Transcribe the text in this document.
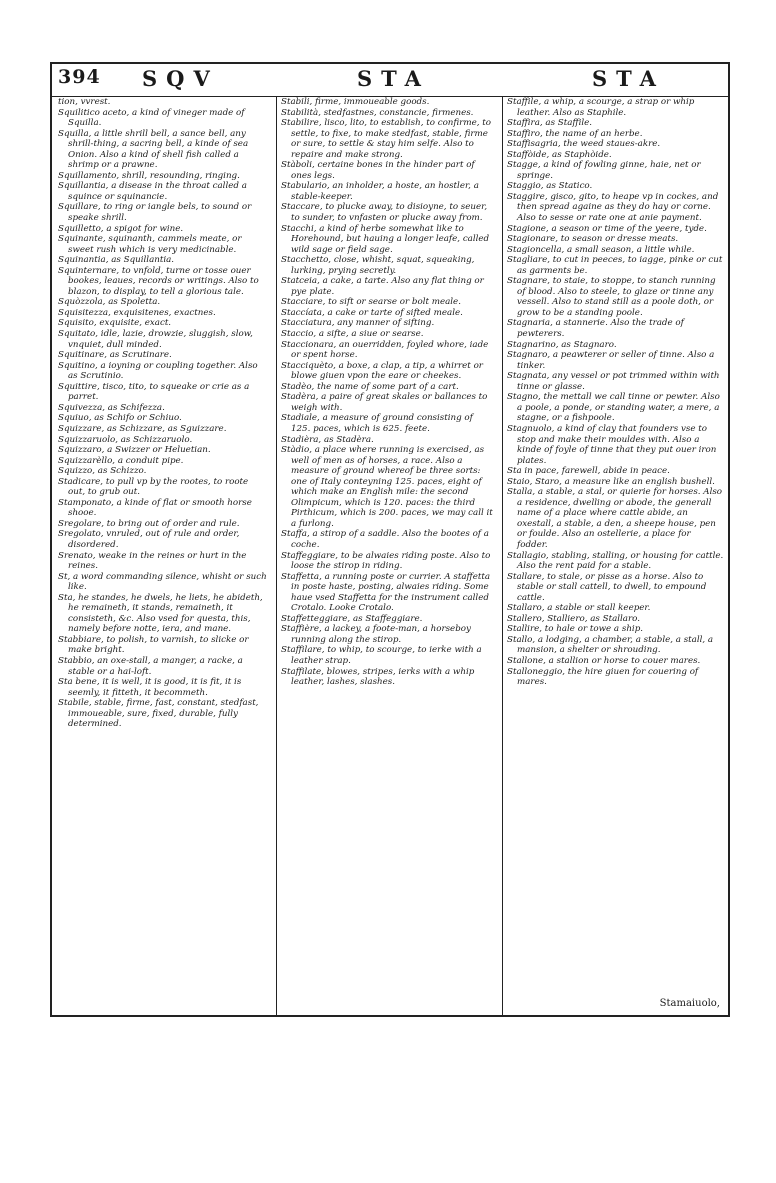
394 SQV	STA	STA

tion, vvrest.

Squilitico aceto, a kind of vineger made of Squilla.

Squilla, a little shrill bell, a sance bell, any shrill-thing, a sacring bell, a kinde of sea Onion. Also a kind of shell fish called a shrimp or a prawne.

Squillamento, shrill, resounding, ringing.

Squillantia, a disease in the throat called a squince or squinancie.

Squillare, to ring or iangle bels, to sound or speake shrill.

Squilletto, a spigot for wine.

Squinante, squinanth, cammels meate, or sweet rush which is very medicinable.

Squinantia, as Squillantia.

Squinternare, to vnfold, turne or tosse ouer bookes, leaues, records or writings. Also to blazon, to display, to tell a glorious tale.

Squòzzola, as Spoletta.

Squisitezza, exquisitenes, exactnes.

Squisito, exquisite, exact.

Squitato, idle, lazie, drowzie, sluggish, slow, vnquiet, dull minded.

Squitinare, as Scrutinare.

Squitino, a ioyning or coupling together. Also as Scrutinio.

Squittire, tisco, tito, to squeake or crie as a parret.

Squivezza, as Schifezza.

Squiuo, as Schifo or Schiuo.

Squizzare, as Schizzare, as Sguizzare.

Squizzaruolo, as Schizzaruolo.

Squizzaro, a Swizzer or Heluetian.

Squizzarèllo, a conduit pipe.

Squizzo, as Schizzo.

Stadicare, to pull vp by the rootes, to roote out, to grub out.

Stamponato, a kinde of flat or smooth horse shooe.

Sregolare, to bring out of order and rule.

Sregolato, vnruled, out of rule and order, disordered.

Srenato, weake in the reines or hurt in the reines.

St, a word commanding silence, whisht or such like.

Sta, he standes, he dwels, he liets, he abideth, he remaineth, it stands, remaineth, it consisteth, &c. Also vsed for questa, this, namely before notte, iera, and mane.

Stabbiare, to polish, to varnish, to slicke or make bright.

Stabbio, an oxe-stall, a manger, a racke, a stable or a hai-loft.

Sta bene, it is well, it is good, it is fit, it is seemly, it fitteth, it becommeth.

Stabile, stable, firme, fast, constant, stedfast, immoueable, sure, fixed, durable, fully determined.

Stabili, firme, immoueable goods.

Stabilità, stedfastnes, constancie, firmenes.

Stabilire, lisco, lito, to establish, to confirme, to settle, to fixe, to make stedfast, stable, firme or sure, to settle & stay him selfe. Also to repaire and make strong.

Stàboli, certaine bones in the hinder part of ones legs.

Stabulario, an inholder, a hoste, an hostler, a stable-keeper.

Staccare, to plucke away, to disioyne, to seuer, to sunder, to vnfasten or plucke away from.

Stacchi, a kind of herbe somewhat like to Horehound, but hauing a longer leafe, called wild sage or field sage.

Stacchetto, close, whisht, squat, squeaking, lurking, prying secretly.

Statceia, a cake, a tarte. Also any flat thing or pye plate.

Stacciare, to sift or searse or bolt meale.

Staccíata, a cake or tarte of sifted meale.

Stacciatura, any manner of sifting.

Staccio, a sifte, a siue or searse.

Staccionara, an ouerridden, foyled whore, iade or spent horse.

Stacciquèto, a boxe, a clap, a tip, a whirret or blowe giuen vpon the eare or cheekes.

Stadèo, the name of some part of a cart.

Stadèra, a paire of great skales or ballances to weigh with.

Stadiale, a measure of ground consisting of 125. paces, which is 625. feete.

Stadièra, as Stadèra.

Stàdio, a place where running is exercised, as well of men as of horses, a race. Also a measure of ground whereof be three sorts: one of Italy conteyning 125. paces, eight of which make an English mile: the second Olimpicum, which is 120. paces: the third Pirthicum, which is 200. paces, we may call it a furlong.

Staffa, a stirop of a saddle. Also the bootes of a coche.

Staffeggiare, to be alwaies riding poste. Also to loose the stirop in riding.

Staffetta, a running poste or currier. A staffetta in poste haste, posting, alwaies riding. Some haue vsed Staffetta for the instrument called Crotalo. Looke Crotalo.

Staffetteggiare, as Staffeggiare.

Staffière, a lackey, a foote-man, a horseboy running along the stirop.

Staffilare, to whip, to scourge, to ierke with a leather strap.

Staffilate, blowes, stripes, ierks with a whip leather, lashes, slashes.

Staffile, a whip, a scourge, a strap or whip leather. Also as Staphile.

Staffira, as Staffile.

Staffiro, the name of an herbe.

Staffisagria, the weed staues-akre.

Staffòide, as Staphòide.

Stagge, a kind of fowling ginne, haie, net or springe.

Staggio, as Statico.

Staggire, gisco, gito, to heape vp in cockes, and then spread againe as they do hay or corne. Also to sesse or rate one at anie payment.

Stagione, a season or time of the yeere, tyde.

Stagionare, to season or dresse meats.

Stagioncella, a small season, a little while.

Stagliare, to cut in peeces, to iagge, pinke or cut as garments be.

Stagnare, to staie, to stoppe, to stanch running of blood. Also to steele, to glaze or tinne any vessell. Also to stand still as a poole doth, or grow to be a standing poole.

Stagnaria, a stannerie. Also the trade of pewterers.

Stagnarino, as Stagnaro.

Stagnaro, a peawterer or seller of tinne. Also a tinker.

Stagnata, any vessel or pot trimmed within with tinne or glasse.

Stagno, the mettall we call tinne or pewter. Also a poole, a ponde, or standing water, a mere, a stagne, or a fishpoole.

Stagnuolo, a kind of clay that founders vse to stop and make their mouldes with. Also a kinde of foyle of tinne that they put ouer iron plates.

Sta in pace, farewell, abide in peace.

Staio, Staro, a measure like an english bushell.

Stalla, a stable, a stal, or quierie for horses. Also a residence, dwelling or abode, the generall name of a place where cattle abide, an oxestall, a stable, a den, a sheepe house, pen or foulde. Also an ostellerie, a place for fodder.

Stallagio, stabling, stalling, or housing for cattle. Also the rent paid for a stable.

Stallare, to stale, or pisse as a horse. Also to stable or stall cattell, to dwell, to empound cattle.

Stallaro, a stable or stall keeper.

Stallero, Stalliero, as Stallaro.

Stallire, to hale or towe a ship.

Stallo, a lodging, a chamber, a stable, a stall, a mansion, a shelter or shrouding.

Stallone, a stallion or horse to couer mares.

Stalloneggio, the hire giuen for couering of mares.

Stamaiuolo,
